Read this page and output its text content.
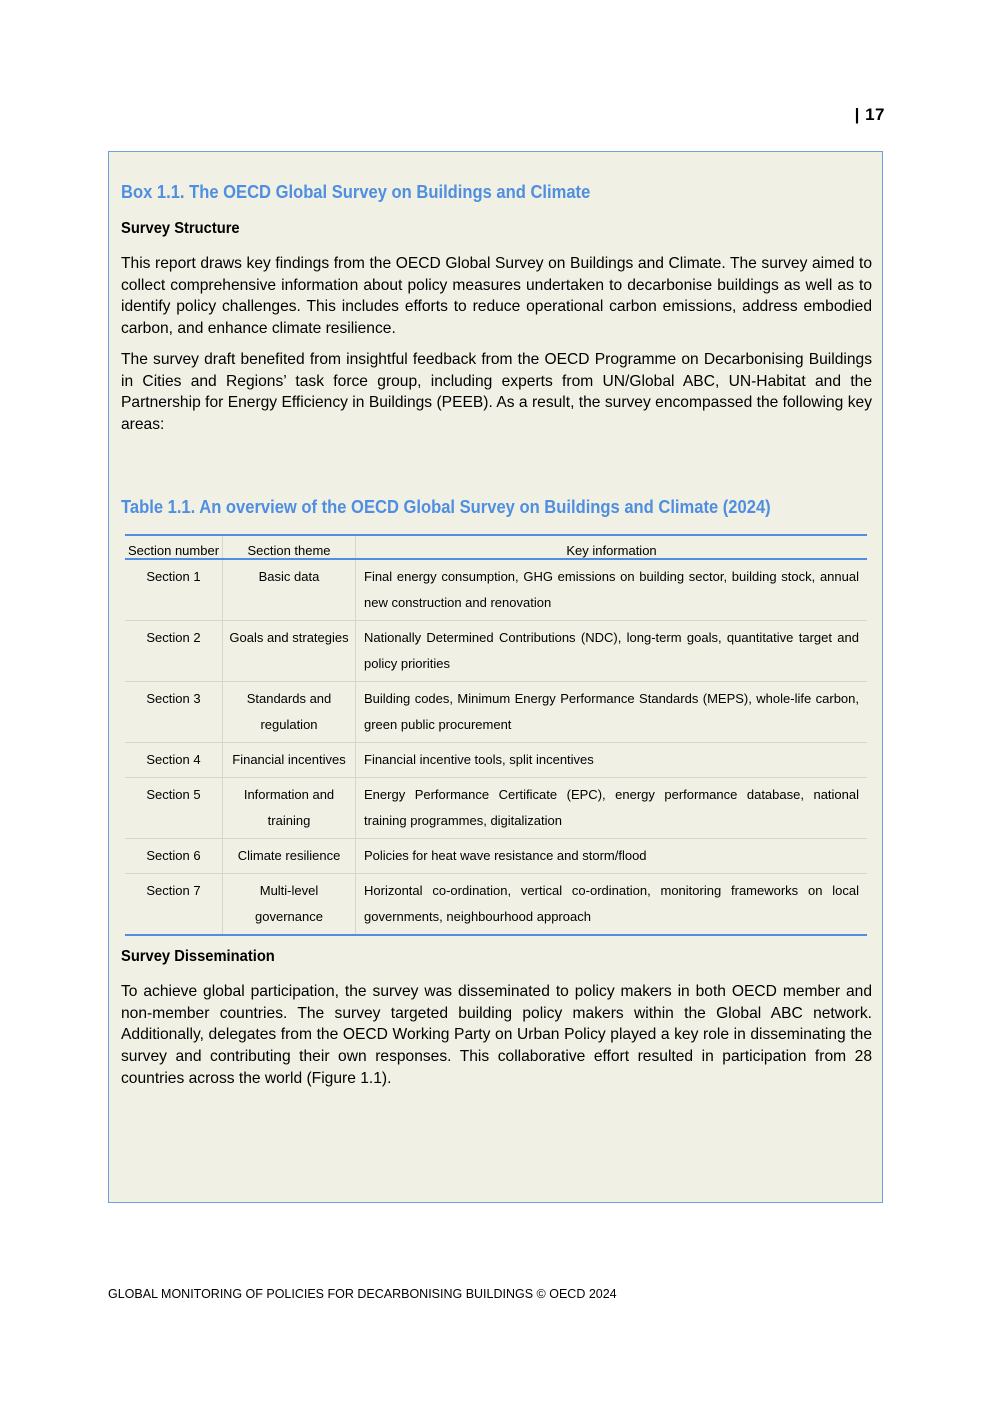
| 17
Box 1.1. The OECD Global Survey on Buildings and Climate
Survey Structure

This report draws key findings from the OECD Global Survey on Buildings and Climate. The survey aimed to collect comprehensive information about policy measures undertaken to decarbonise buildings as well as to identify policy challenges. This includes efforts to reduce operational carbon emissions, address embodied carbon, and enhance climate resilience.

The survey draft benefited from insightful feedback from the OECD Programme on Decarbonising Buildings in Cities and Regions’ task force group, including experts from UN/Global ABC, UN-Habitat and the Partnership for Energy Efficiency in Buildings (PEEB). As a result, the survey encompassed the following key areas:

Table 1.1. An overview of the OECD Global Survey on Buildings and Climate (2024)
Section number	Section theme	Key information
Section 1	Basic data	Final energy consumption, GHG emissions on building sector, building stock, annual new construction and renovation
Section 2	Goals and strategies	Nationally Determined Contributions (NDC), long-term goals, quantitative target and policy priorities
Section 3	Standards and regulation	Building codes, Minimum Energy Performance Standards (MEPS), whole-life carbon, green public procurement
Section 4	Financial incentives	Financial incentive tools, split incentives
Section 5	Information and training	Energy Performance Certificate (EPC), energy performance database, national training programmes, digitalization
Section 6	Climate resilience	Policies for heat wave resistance and storm/flood
Section 7	Multi-level governance	Horizontal co-ordination, vertical co-ordination, monitoring frameworks on local governments, neighbourhood approach
Survey Dissemination

To achieve global participation, the survey was disseminated to policy makers in both OECD member and non-member countries. The survey targeted building policy makers within the Global ABC network. Additionally, delegates from the OECD Working Party on Urban Policy played a key role in disseminating the survey and contributing their own responses. This collaborative effort resulted in participation from 28 countries across the world (Figure 1.1).

GLOBAL MONITORING OF POLICIES FOR DECARBONISING BUILDINGS © OECD 2024
